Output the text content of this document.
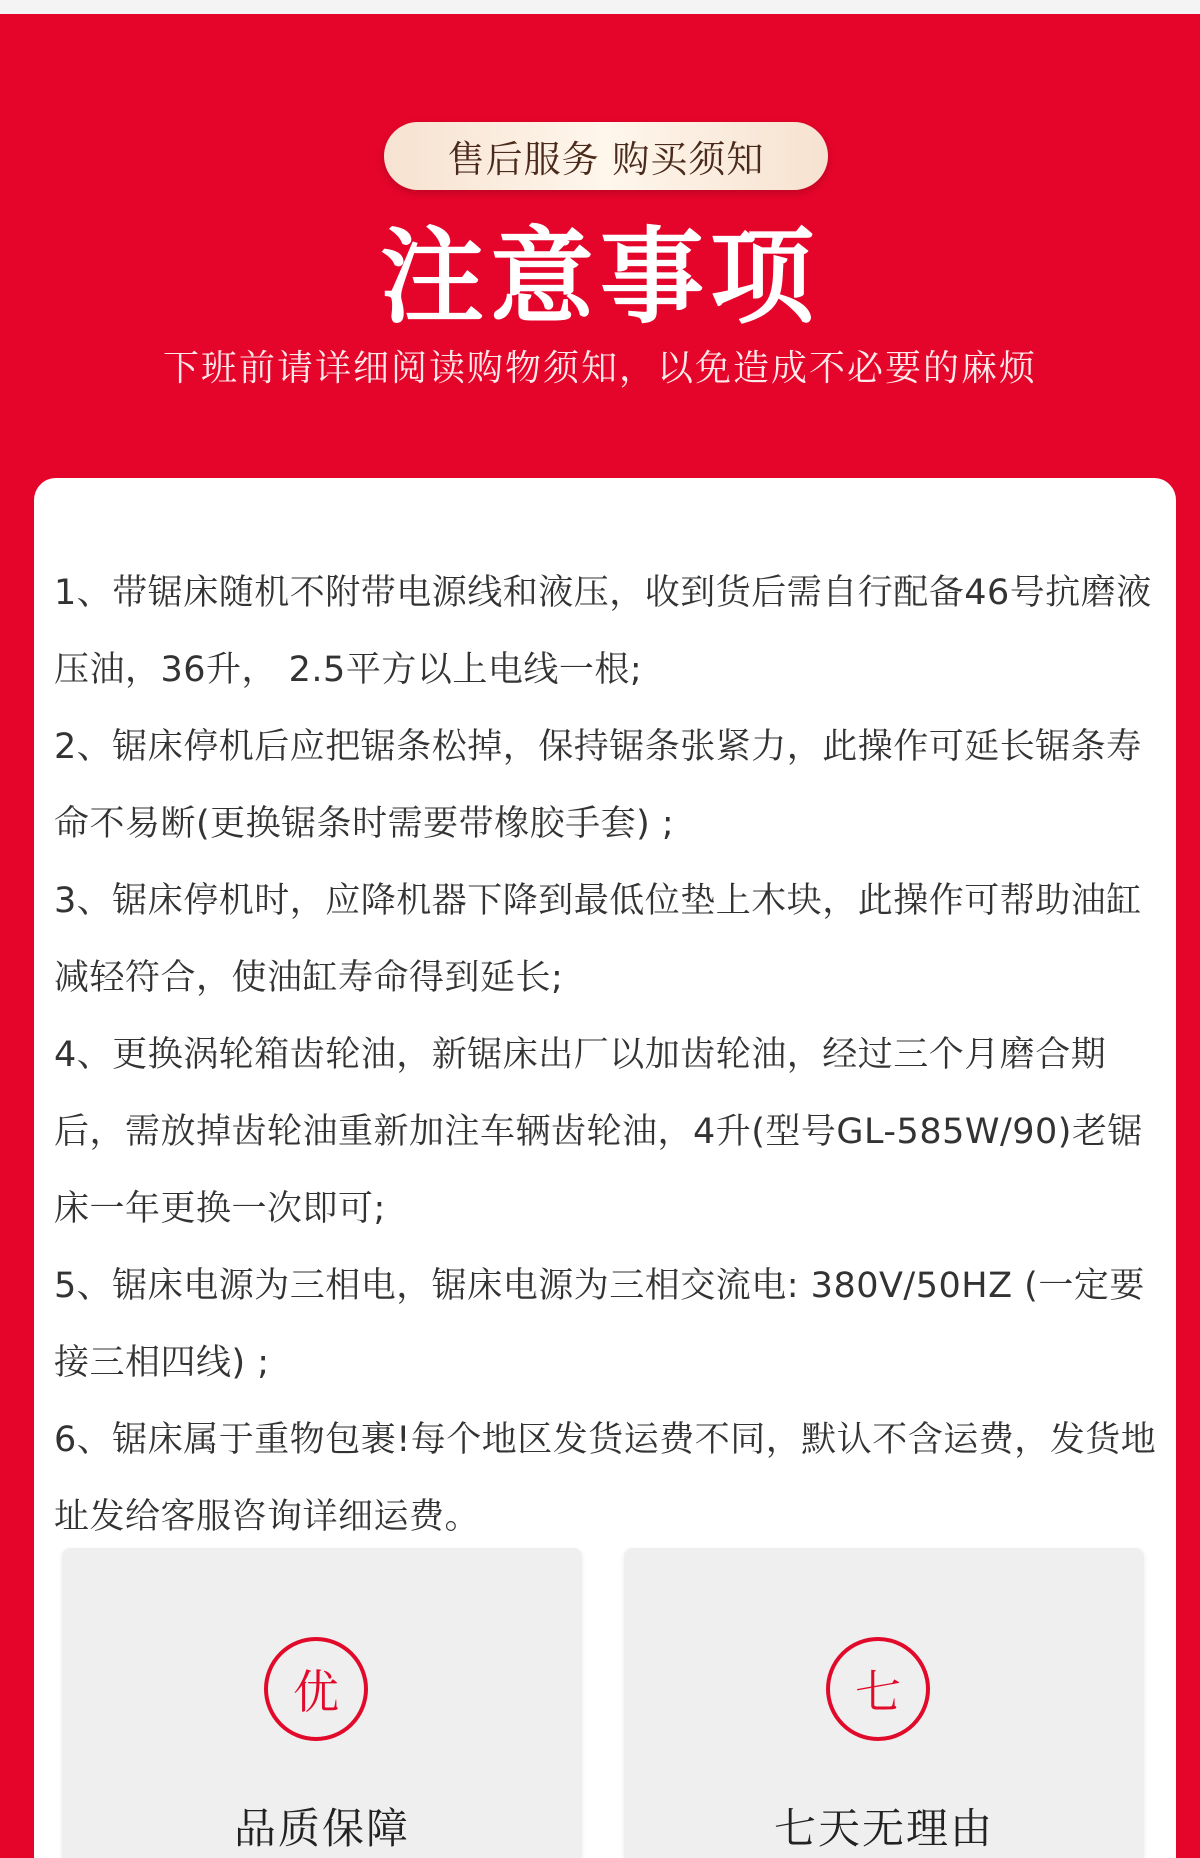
售后服务 购买须知
注意事项
下班前请详细阅读购物须知，以免造成不必要的麻烦
1、带锯床随机不附带电源线和液压，收到货后需自行配备46号抗磨液压油，36升， 2.5平方以上电线一根;
2、锯床停机后应把锯条松掉，保持锯条张紧力，此操作可延长锯条寿命不易断(更换锯条时需要带橡胶手套) ;
3、锯床停机时，应降机器下降到最低位垫上木块，此操作可帮助油缸减轻符合，使油缸寿命得到延长;
4、更换涡轮箱齿轮油，新锯床出厂以加齿轮油，经过三个月磨合期后，需放掉齿轮油重新加注车辆齿轮油，4升(型号GL-585W/90)老锯床一年更换一次即可;
5、锯床电源为三相电，锯床电源为三相交流电: 380V/50HZ (一定要接三相四线) ;
6、锯床属于重物包裹!每个地区发货运费不同，默认不含运费，发货地址发给客服咨询详细运费。
优
品质保障
七
七天无理由
